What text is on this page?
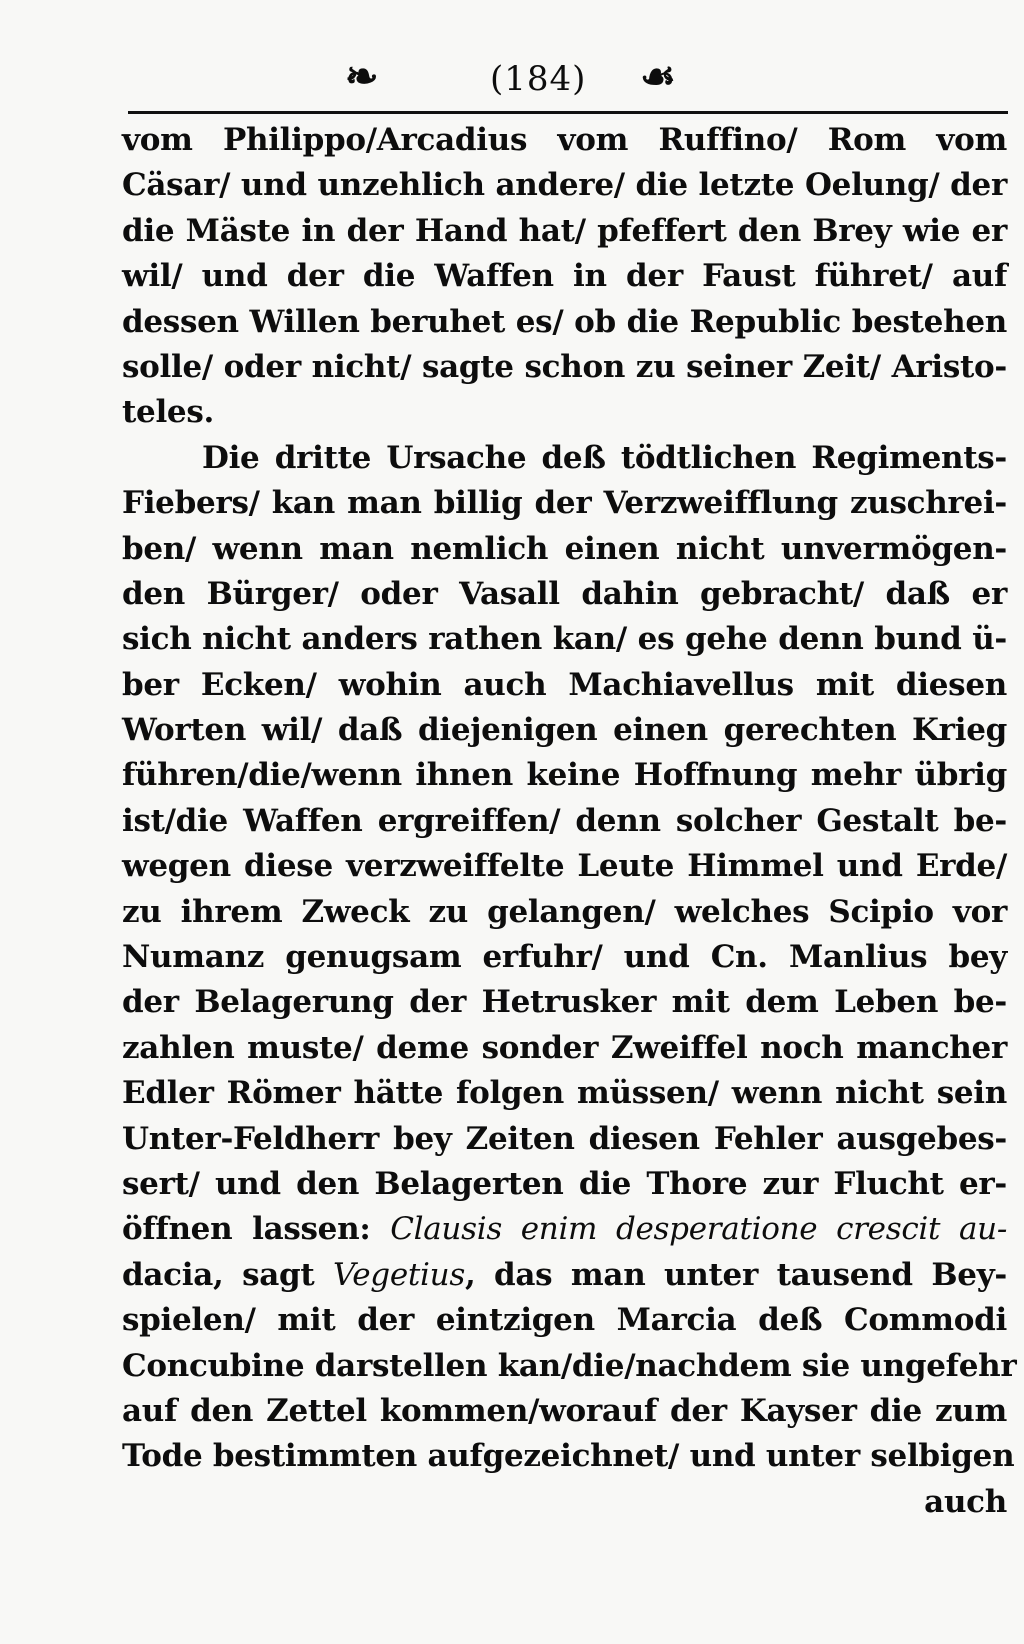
❧	(184) ☙
vom Philippo/Arcadius vom Ruffino/ Rom vom
Cäsar/ und unzehlich andere/ die letzte Oelung/ der
die Mäste in der Hand hat/ pfeffert den Brey wie er
wil/ und der die Waffen in der Faust führet/ auf
dessen Willen beruhet es/ ob die Republic bestehen
solle/ oder nicht/ sagte schon zu seiner Zeit/ Aristo-
teles.
Die dritte Ursache deß tödtlichen Regiments-
Fiebers/ kan man billig der Verzweifflung zuschrei-
ben/ wenn man nemlich einen nicht unvermögen-
den Bürger/ oder Vasall dahin gebracht/ daß er
sich nicht anders rathen kan/ es gehe denn bund ü-
ber Ecken/ wohin auch Machiavellus mit diesen
Worten wil/ daß diejenigen einen gerechten Krieg
führen/die/wenn ihnen keine Hoffnung mehr übrig
ist/die Waffen ergreiffen/ denn solcher Gestalt be-
wegen diese verzweiffelte Leute Himmel und Erde/
zu ihrem Zweck zu gelangen/ welches Scipio vor
Numanz genugsam erfuhr/ und Cn. Manlius bey
der Belagerung der Hetrusker mit dem Leben be-
zahlen muste/ deme sonder Zweiffel noch mancher
Edler Römer hätte folgen müssen/ wenn nicht sein
Unter-Feldherr bey Zeiten diesen Fehler ausgebes-
sert/ und den Belagerten die Thore zur Flucht er-
öffnen lassen: Clausis enim desperatione crescit au-
dacia, sagt Vegetius, das man unter tausend Bey-
spielen/ mit der eintzigen Marcia deß Commodi
Concubine darstellen kan/die/nachdem sie ungefehr
auf den Zettel kommen/worauf der Kayser die zum
Tode bestimmten aufgezeichnet/ und unter selbigen
auch
